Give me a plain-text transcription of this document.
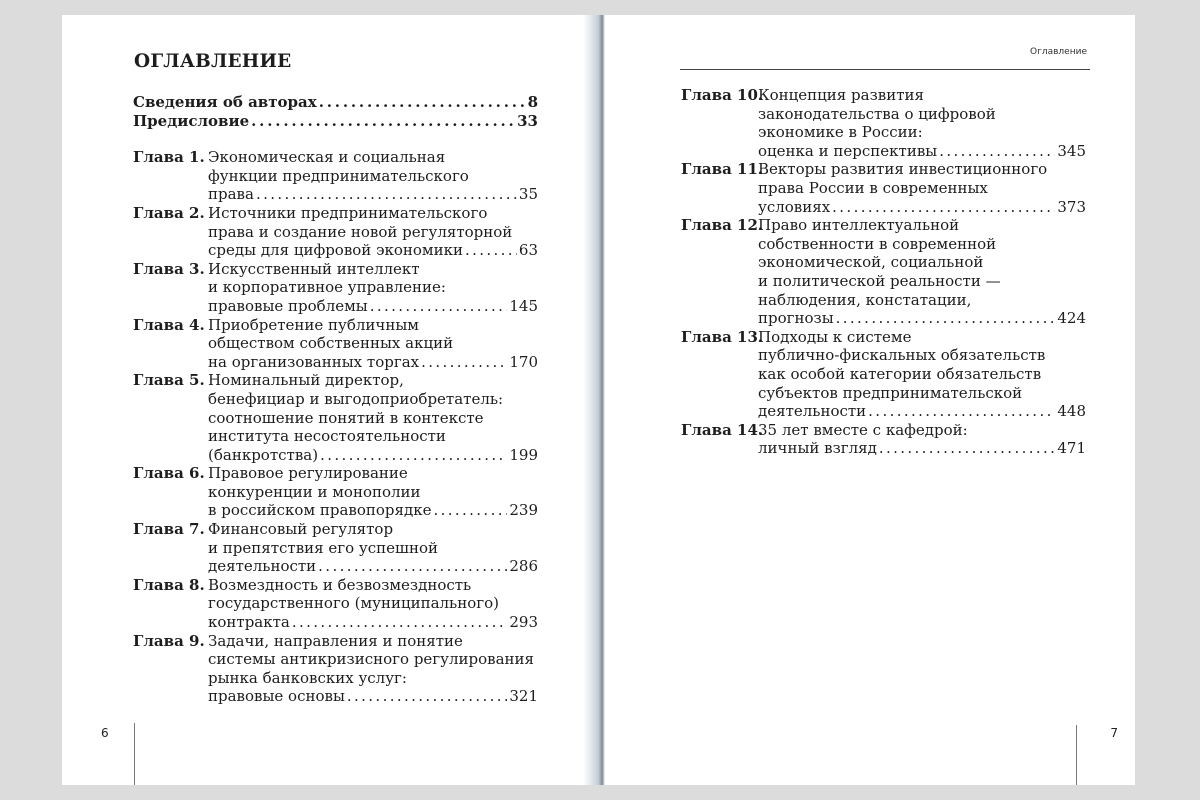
ОГЛАВЛЕНИЕ
Сведения об авторах . . .	8
Предисловие . . .	33
Глава 1. Экономическая и социальная
функции предпринимательского
права . . .	35
Глава 2. Источники предпринимательского
права и создание новой регуляторной
среды для цифровой экономики . . .	63
Глава 3. Искусственный интеллект
и корпоративное управление:
правовые проблемы . . .	145
Глава 4. Приобретение публичным
обществом собственных акций
на организованных торгах . . .	170
Глава 5. Номинальный директор,
бенефициар и выгодоприобретатель:
соотношение понятий в контексте
института несостоятельности
(банкротства) . . .	199
Глава 6. Правовое регулирование
конкуренции и монополии
в российском правопорядке . . .	239
Глава 7. Финансовый регулятор
и препятствия его успешной
деятельности . . .	286
Глава 8. Возмездность и безвозмездность
государственного (муниципального)
контракта . . .	293
Глава 9. Задачи, направления и понятие
системы антикризисного регулирования
рынка банковских услуг:
правовые основы . . .	321
6
Оглавление
Глава 10.
Концепция развития
законодательства о цифровой
экономике в России:
оценка и перспективы . . .	345
Глава 11.
Векторы развития инвестиционного
права России в современных
условиях . . .	373
Глава 12.
Право интеллектуальной
собственности в современной
экономической, социальной
и политической реальности —
наблюдения, констатации,
прогнозы . . .	424
Глава 13.
Подходы к системе
публично-фискальных обязательств
как особой категории обязательств
субъектов предпринимательской
деятельности . . .	448
Глава 14.
35 лет вместе с кафедрой:
личный взгляд . . .	471
7
